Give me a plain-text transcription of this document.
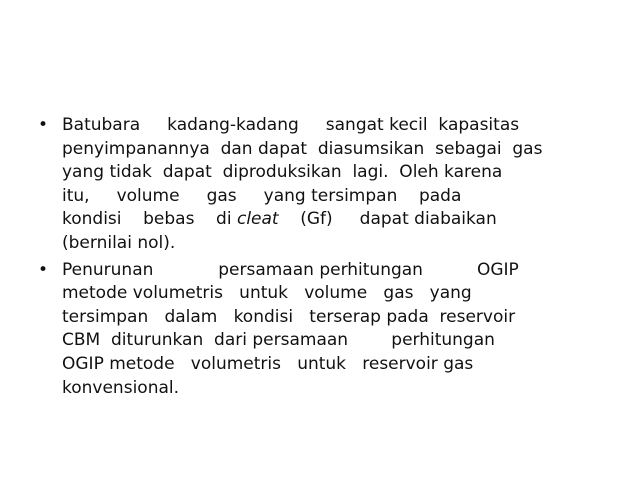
• Batubara     kadang-kadang     sangat kecil  kapasitas
penyimpanannya  dan dapat  diasumsikan  sebagai  gas
yang tidak  dapat  diproduksikan  lagi.  Oleh karena
itu,     volume     gas     yang tersimpan    pada
kondisi    bebas    di cleat    (Gf)     dapat diabaikan
(bernilai nol).
• Penurunan            persamaan perhitungan          OGIP
metode volumetris   untuk   volume   gas   yang
tersimpan   dalam   kondisi   terserap pada  reservoir
CBM  diturunkan  dari persamaan        perhitungan
OGIP metode   volumetris   untuk   reservoir gas
konvensional.
